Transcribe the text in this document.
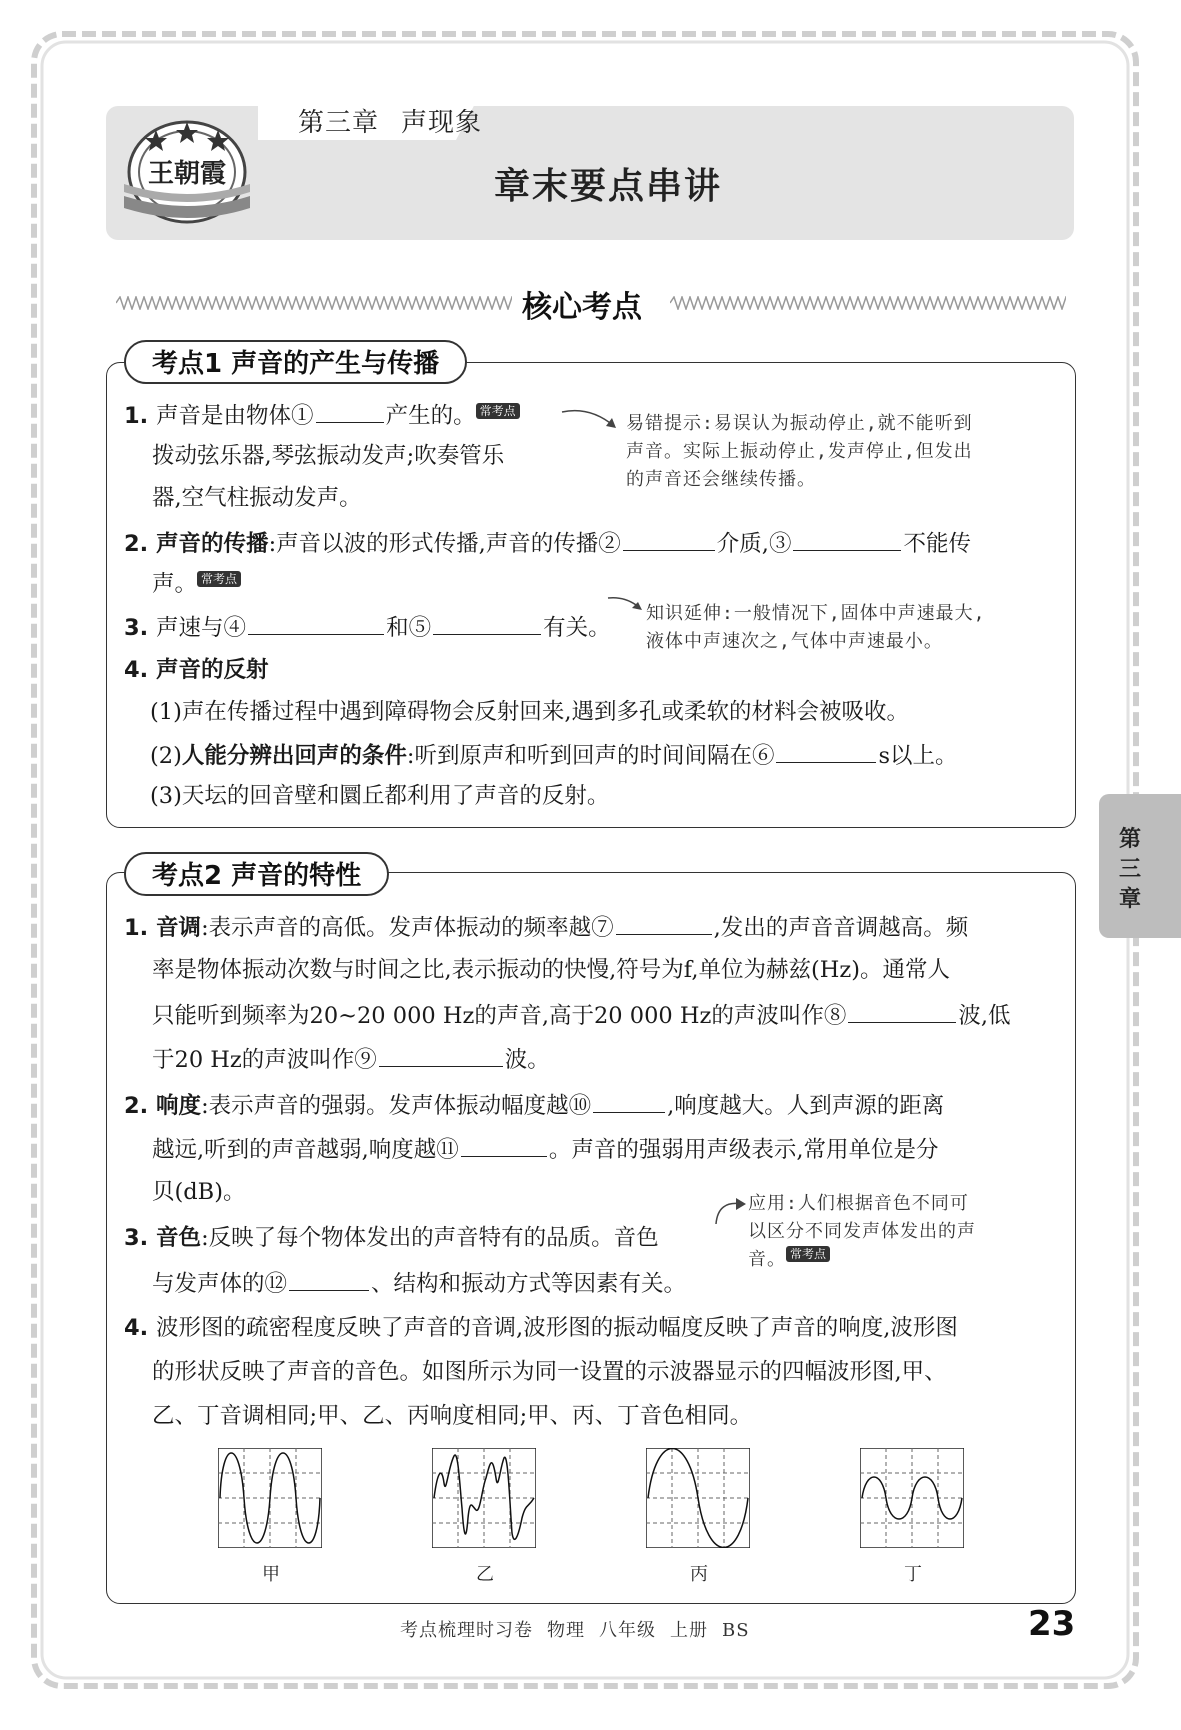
第三章 声现象
章末要点串讲
王朝霞
核心考点
第
三
章
考点1 声音的产生与传播
1. 声音是由物体①	产生的。 常考点
拨动弦乐器,琴弦振动发声;吹奏管乐
器,空气柱振动发声。
易错提示:易误认为振动停止,就不能听到
声音。实际上振动停止,发声停止,但发出
的声音还会继续传播。
2. 声音的传播:声音以波的形式传播,声音的传播②	介质,③	不能传
声。 常考点
3. 声速与④	和⑤	有关。
知识延伸:一般情况下,固体中声速最大,
液体中声速次之,气体中声速最小。
4. 声音的反射
(1)声在传播过程中遇到障碍物会反射回来,遇到多孔或柔软的材料会被吸收。
(2)人能分辨出回声的条件:听到原声和听到回声的时间间隔在⑥	s以上。
(3)天坛的回音壁和圜丘都利用了声音的反射。
考点2 声音的特性
1. 音调:表示声音的高低。发声体振动的频率越⑦	,发出的声音音调越高。频
率是物体振动次数与时间之比,表示振动的快慢,符号为f,单位为赫兹(Hz)。通常人
只能听到频率为20~20 000 Hz的声音,高于20 000 Hz的声波叫作⑧	波,低
于20 Hz的声波叫作⑨	波。
2. 响度:表示声音的强弱。发声体振动幅度越⑩	,响度越大。人到声源的距离
越远,听到的声音越弱,响度越⑪	。声音的强弱用声级表示,常用单位是分
贝(dB)。
3. 音色:反映了每个物体发出的声音特有的品质。音色
与发声体的⑫	、结构和振动方式等因素有关。
应用:人们根据音色不同可
以区分不同发声体发出的声
音。 常考点
4. 波形图的疏密程度反映了声音的音调,波形图的振动幅度反映了声音的响度,波形图
的形状反映了声音的音色。如图所示为同一设置的示波器显示的四幅波形图,甲、
乙、丁音调相同;甲、乙、丙响度相同;甲、丙、丁音色相同。
甲	乙	丙	丁
考点梳理时习卷 物理 八年级 上册 BS	23
